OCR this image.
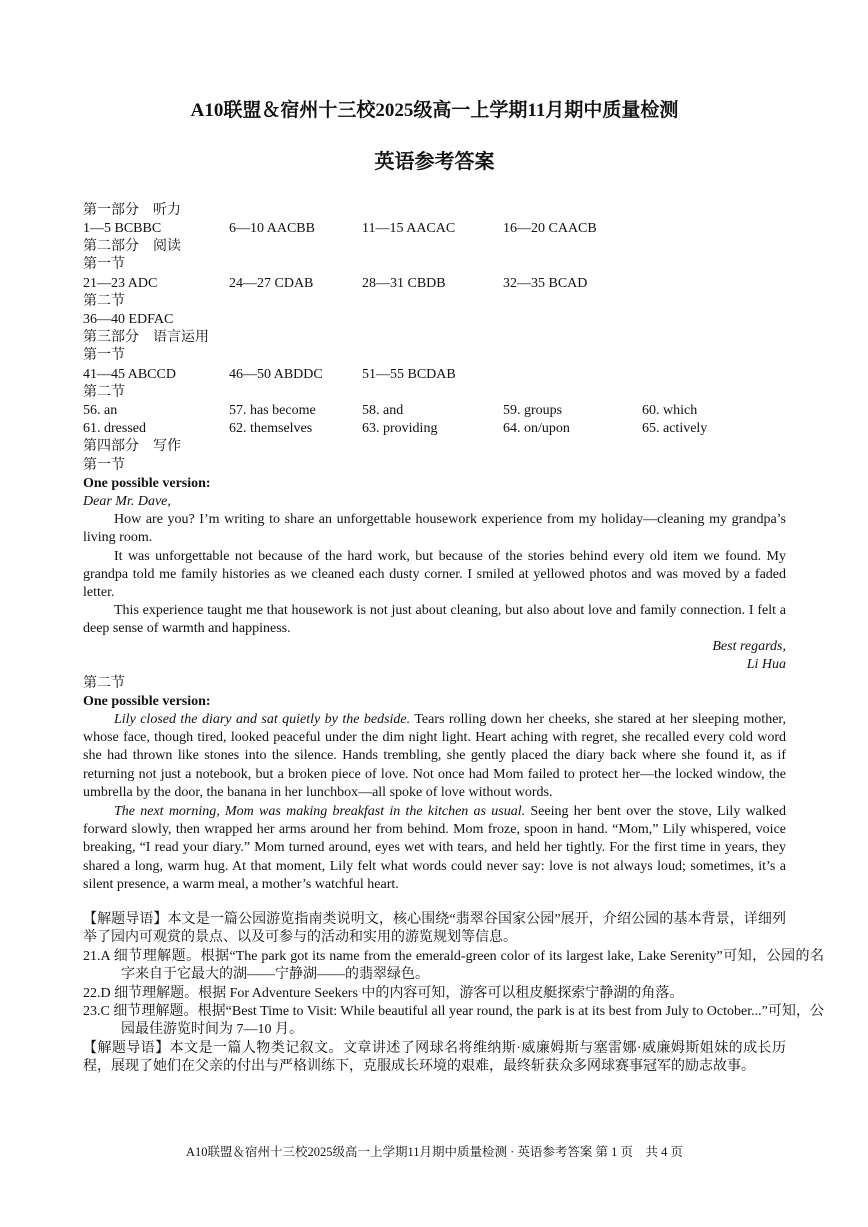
A10联盟＆宿州十三校2025级高一上学期11月期中质量检测
英语参考答案
第一部分　听力
1—5 BCBBC	6—10 AACBB	11—15 AACAC	16—20 CAACB
第二部分　阅读
第一节
21—23 ADC	24—27 CDAB	28—31 CBDB	32—35 BCAD
第二节
36—40 EDFAC
第三部分　语言运用
第一节
41—45 ABCCD	46—50 ABDDC	51—55 BCDAB
第二节
56. an	57. has become	58. and	59. groups	60. which
61. dressed	62. themselves	63. providing	64. on/upon	65. actively
第四部分　写作
第一节
One possible version:
Dear Mr. Dave,
How are you? I’m writing to share an unforgettable housework experience from my holiday—cleaning my grandpa’s living room.
It was unforgettable not because of the hard work, but because of the stories behind every old item we found. My grandpa told me family histories as we cleaned each dusty corner. I smiled at yellowed photos and was moved by a faded letter.
This experience taught me that housework is not just about cleaning, but also about love and family connection. I felt a deep sense of warmth and happiness.
Best regards,
Li Hua
第二节
One possible version:
Lily closed the diary and sat quietly by the bedside. Tears rolling down her cheeks, she stared at her sleeping mother, whose face, though tired, looked peaceful under the dim night light. Heart aching with regret, she recalled every cold word she had thrown like stones into the silence. Hands trembling, she gently placed the diary back where she found it, as if returning not just a notebook, but a broken piece of love. Not once had Mom failed to protect her—the locked window, the umbrella by the door, the banana in her lunchbox—all spoke of love without words.
The next morning, Mom was making breakfast in the kitchen as usual. Seeing her bent over the stove, Lily walked forward slowly, then wrapped her arms around her from behind. Mom froze, spoon in hand. “Mom,” Lily whispered, voice breaking, “I read your diary.” Mom turned around, eyes wet with tears, and held her tightly. For the first time in years, they shared a long, warm hug. At that moment, Lily felt what words could never say: love is not always loud; sometimes, it’s a silent presence, a warm meal, a mother’s watchful heart.
【解题导语】本文是一篇公园游览指南类说明文，核心围绕“翡翠谷国家公园”展开，介绍公园的基本背景，详细列举了园内可观赏的景点、以及可参与的活动和实用的游览规划等信息。
21.A 细节理解题。根据“The park got its name from the emerald-green color of its largest lake, Lake Serenity”可知，公园的名字来自于它最大的湖——宁静湖——的翡翠绿色。
22.D 细节理解题。根据 For Adventure Seekers 中的内容可知，游客可以租皮艇探索宁静湖的角落。
23.C 细节理解题。根据“Best Time to Visit: While beautiful all year round, the park is at its best from July to October...”可知，公园最佳游览时间为 7—10 月。
【解题导语】本文是一篇人物类记叙文。文章讲述了网球名将维纳斯·威廉姆斯与塞雷娜·威廉姆斯姐妹的成长历程，展现了她们在父亲的付出与严格训练下，克服成长环境的艰难，最终斩获众多网球赛事冠军的励志故事。
A10联盟＆宿州十三校2025级高一上学期11月期中质量检测 · 英语参考答案 第 1 页　共 4 页
